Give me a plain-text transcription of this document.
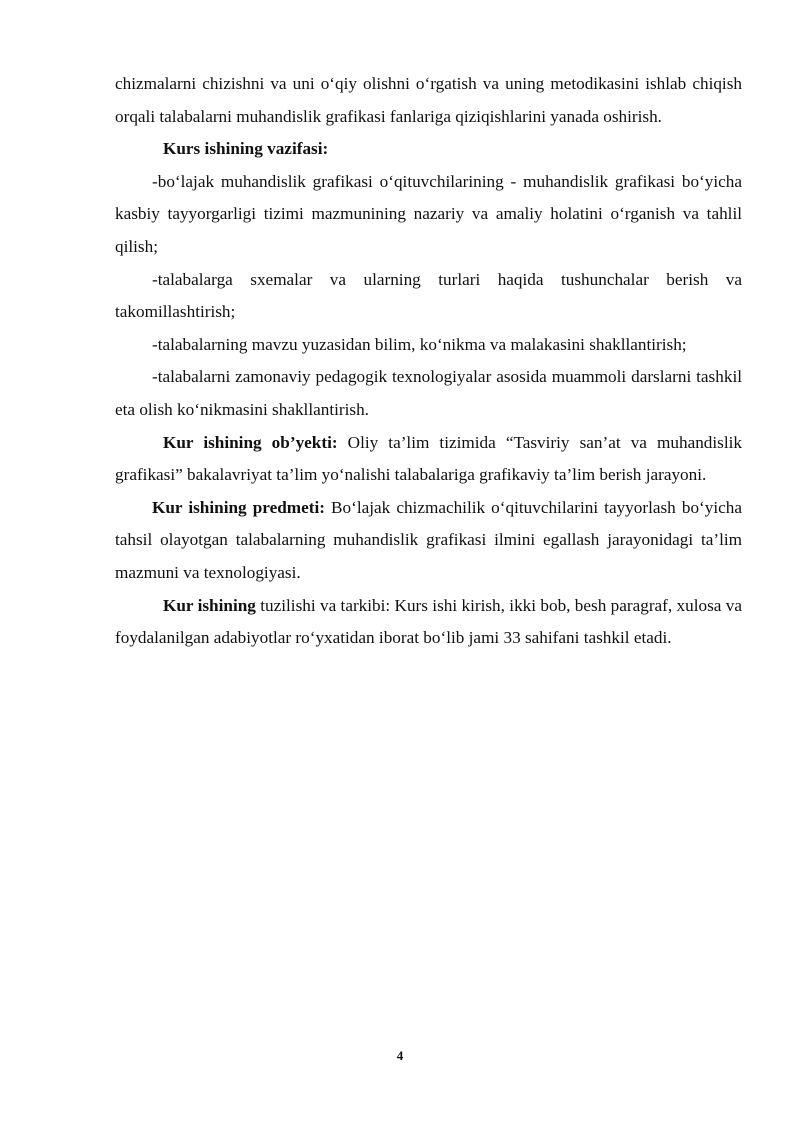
chizmalarni chizishni va uni o‘qiy olishni o‘rgatish va uning metodikasini ishlab chiqish orqali talabalarni muhandislik grafikasi fanlariga qiziqishlarini yanada oshirish.

Kurs ishining vazifasi:

-bo‘lajak muhandislik grafikasi o‘qituvchilarining - muhandislik grafikasi bo‘yicha kasbiy tayyorgarligi tizimi mazmunining nazariy va amaliy holatini o‘rganish va tahlil qilish;

-talabalarga sxemalar va ularning turlari haqida tushunchalar berish va takomillashtirish;

-talabalarning mavzu yuzasidan bilim, ko‘nikma va malakasini shakllantirish;

-talabalarni zamonaviy pedagogik texnologiyalar asosida muammoli darslarni tashkil eta olish ko‘nikmasini shakllantirish.

Kur ishining ob’yekti: Oliy ta’lim tizimida “Tasviriy san’at va muhandislik grafikasi” bakalavriyat ta’lim yo‘nalishi talabalariga grafikaviy ta’lim berish jarayoni.

Kur ishining predmeti: Bo‘lajak chizmachilik o‘qituvchilarini tayyorlash bo‘yicha tahsil olayotgan talabalarning muhandislik grafikasi ilmini egallash jarayonidagi ta’lim mazmuni va texnologiyasi.

Kur ishining tuzilishi va tarkibi: Kurs ishi kirish, ikki bob, besh paragraf, xulosa va foydalanilgan adabiyotlar ro‘yxatidan iborat bo‘lib jami 33 sahifani tashkil etadi.

4
